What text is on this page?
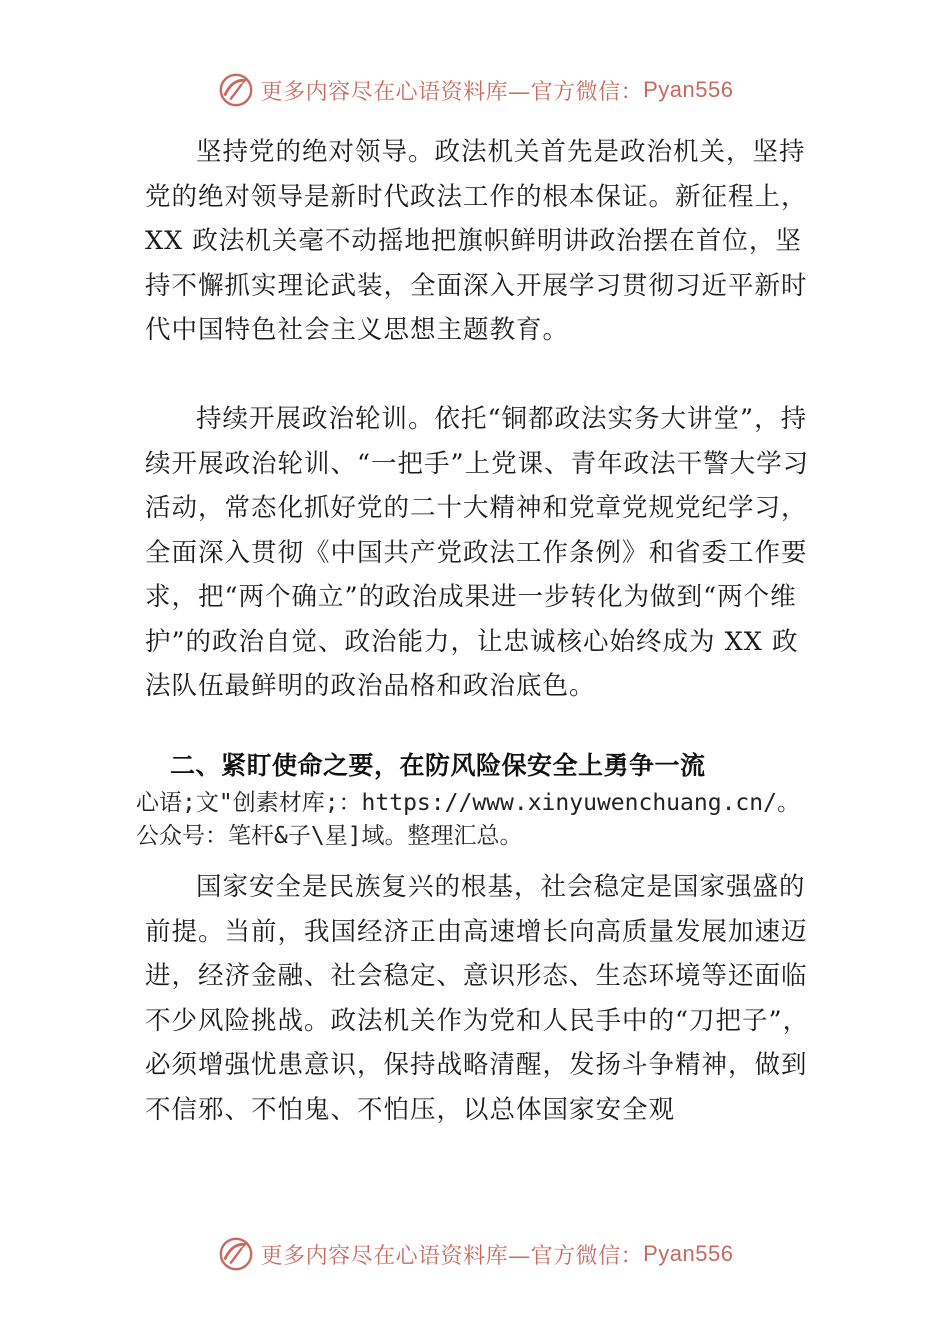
更多内容尽在心语资料库—官方微信： Pyan556

坚持党的绝对领导。政法机关首先是政治机关，坚持党的绝对领导是新时代政法工作的根本保证。新征程上，XX 政法机关毫不动摇地把旗帜鲜明讲政治摆在首位，坚持不懈抓实理论武装，全面深入开展学习贯彻习近平新时代中国特色社会主义思想主题教育。

持续开展政治轮训。依托“铜都政法实务大讲堂”，持续开展政治轮训、“一把手”上党课、青年政法干警大学习活动，常态化抓好党的二十大精神和党章党规党纪学习，全面深入贯彻《中国共产党政法工作条例》和省委工作要求，把“两个确立”的政治成果进一步转化为做到“两个维护”的政治自觉、政治能力，让忠诚核心始终成为 XX 政法队伍最鲜明的政治品格和政治底色。

二、紧盯使命之要，在防风险保安全上勇争一流

心语;文"创素材库;：https://www.xinyuwenchuang.cn/。

公众号：笔杆&子\星]域。整理汇总。

国家安全是民族复兴的根基，社会稳定是国家强盛的前提。当前，我国经济正由高速增长向高质量发展加速迈进，经济金融、社会稳定、意识形态、生态环境等还面临不少风险挑战。政法机关作为党和人民手中的“刀把子”，必须增强忧患意识，保持战略清醒，发扬斗争精神，做到不信邪、不怕鬼、不怕压，以总体国家安全观

更多内容尽在心语资料库—官方微信： Pyan556
